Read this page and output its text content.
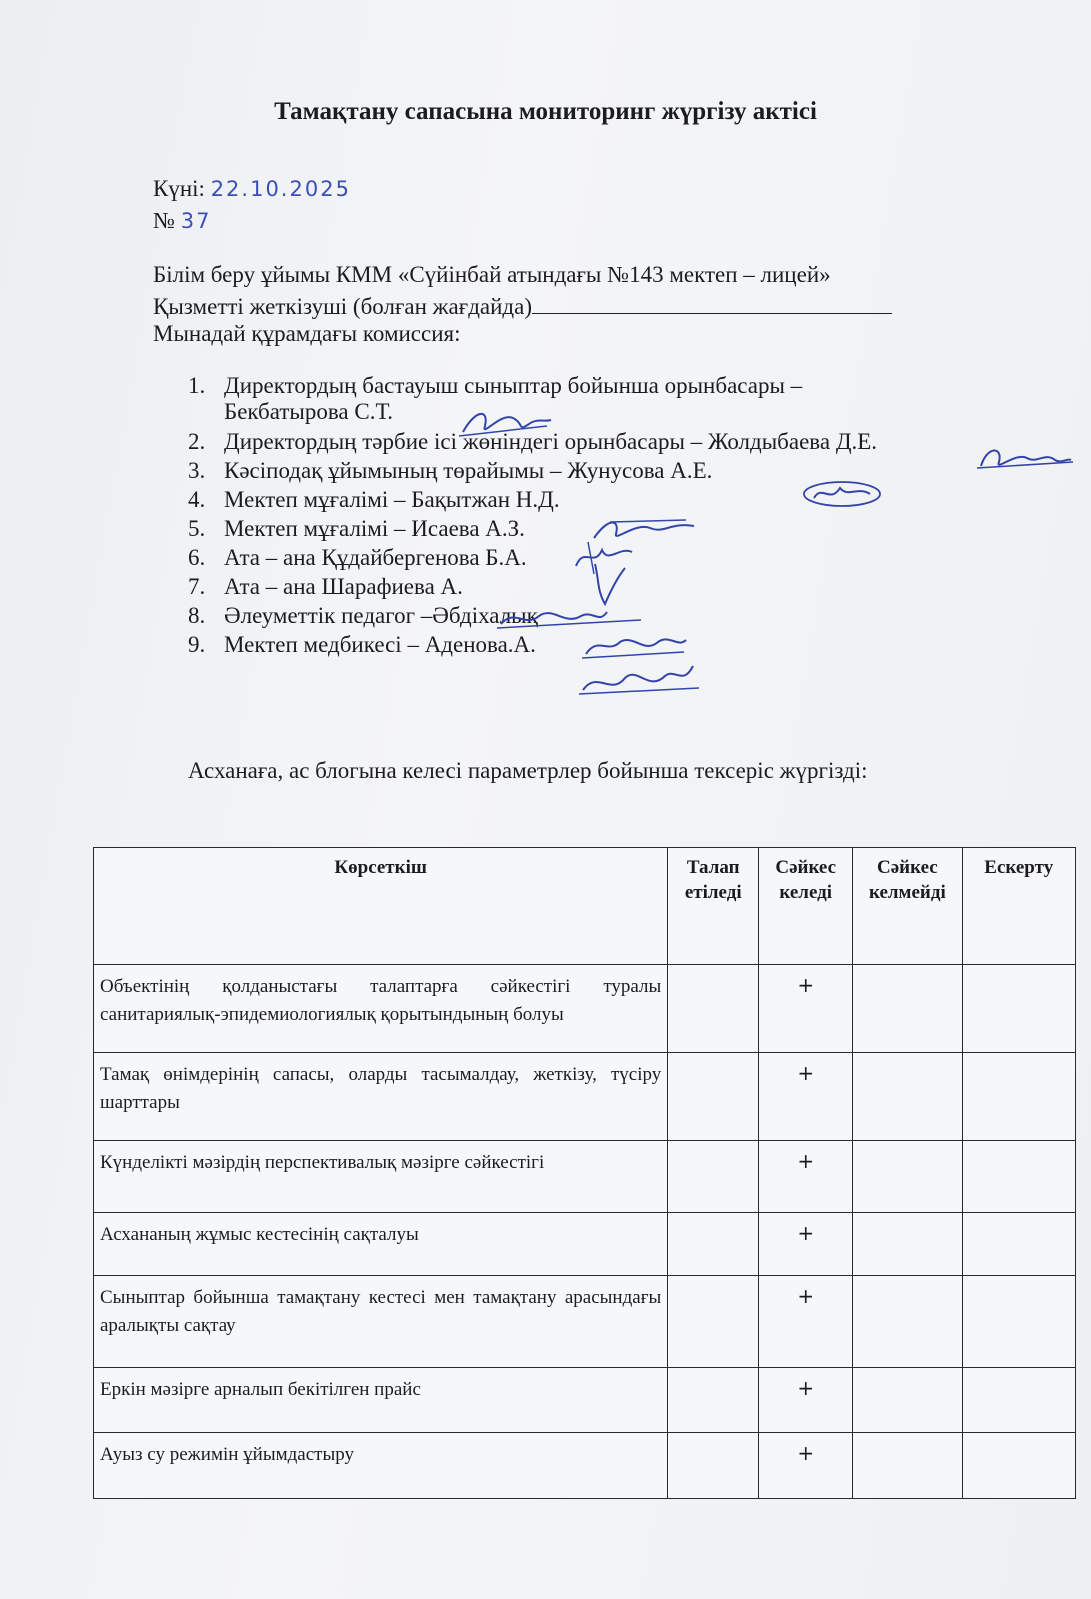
Тамақтану сапасына мониторинг жүргізу актісі
Күні: 22.10.2025
№ 37
Білім беру ұйымы КММ «Сүйінбай атындағы №143 мектеп – лицей»
Қызметті жеткізуші (болған жағдайда)
Мынадай құрамдағы комиссия:
1. Директордың бастауыш сыныптар бойынша орынбасары –
Бекбатырова С.Т.
2. Директордың тәрбие ісі жөніндегі орынбасары – Жолдыбаева Д.Е.
3. Кәсіподақ ұйымының төрайымы – Жунусова А.Е.
4. Мектеп мұғалімі – Бақытжан Н.Д.
5. Мектеп мұғалімі – Исаева А.З.
6. Ата – ана Құдайбергенова Б.А.
7. Ата – ана Шарафиева А.
8. Әлеуметтік педагог –Әбдіхалық
9. Мектеп медбикесі – Аденова.А.
Асханаға, ас блогына келесі параметрлер бойынша тексеріс жүргізді:
Көрсеткіш	Талап етіледі	Сәйкес келеді	Сәйкес келмейді	Ескерту
Объектінің қолданыстағы талаптарға сәйкестігі туралы санитариялық-эпидемиологиялық қорытындының болуы		+		
Тамақ өнімдерінің сапасы, оларды тасымалдау, жеткізу, түсіру шарттары		+		
Күнделікті мәзірдің перспективалық мәзірге сәйкестігі		+		
Асхананың жұмыс кестесінің сақталуы		+		
Сыныптар бойынша тамақтану кестесі мен тамақтану арасындағы аралықты сақтау		+		
Еркін мәзірге арналып бекітілген прайс		+		
Ауыз су режимін ұйымдастыру		+		
